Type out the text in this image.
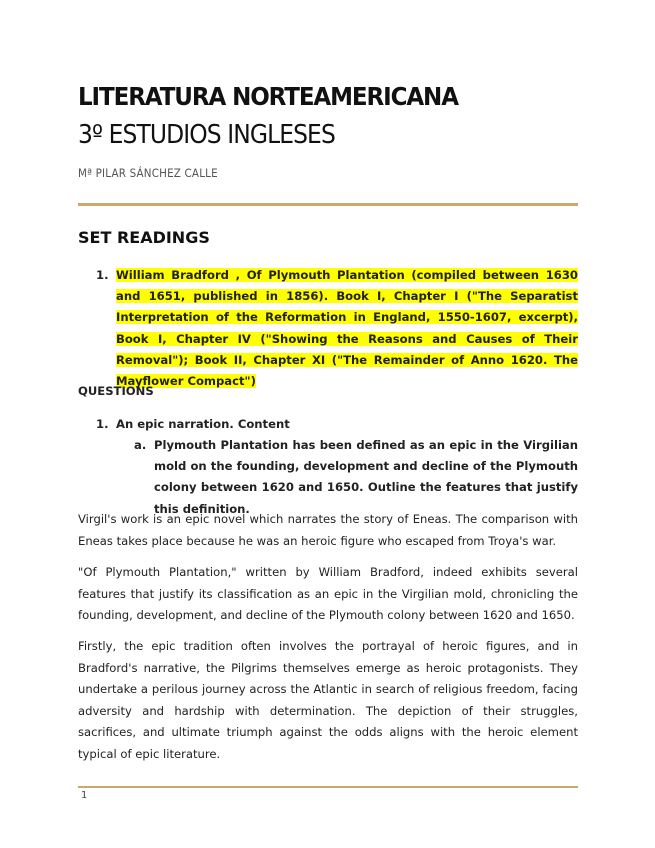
LITERATURA NORTEAMERICANA
3º ESTUDIOS INGLESES

Mª PILAR SÁNCHEZ CALLE

SET READINGS
1. William Bradford , Of Plymouth Plantation (compiled between 1630 and 1651, published in 1856). Book I, Chapter I ("The Separatist Interpretation of the Reformation in England, 1550-1607, excerpt), Book I, Chapter IV ("Showing the Reasons and Causes of Their Removal"); Book II, Chapter XI ("The Remainder of Anno 1620. The Mayflower Compact")

QUESTIONS

1. An epic narration. Content
a. Plymouth Plantation has been defined as an epic in the Virgilian mold on the founding, development and decline of the Plymouth colony between 1620 and 1650. Outline the features that justify this definition.

Virgil's work is an epic novel which narrates the story of Eneas. The comparison with Eneas takes place because he was an heroic figure who escaped from Troya's war.

"Of Plymouth Plantation," written by William Bradford, indeed exhibits several features that justify its classification as an epic in the Virgilian mold, chronicling the founding, development, and decline of the Plymouth colony between 1620 and 1650.

Firstly, the epic tradition often involves the portrayal of heroic figures, and in Bradford's narrative, the Pilgrims themselves emerge as heroic protagonists. They undertake a perilous journey across the Atlantic in search of religious freedom, facing adversity and hardship with determination. The depiction of their struggles, sacrifices, and ultimate triumph against the odds aligns with the heroic element typical of epic literature.

1
